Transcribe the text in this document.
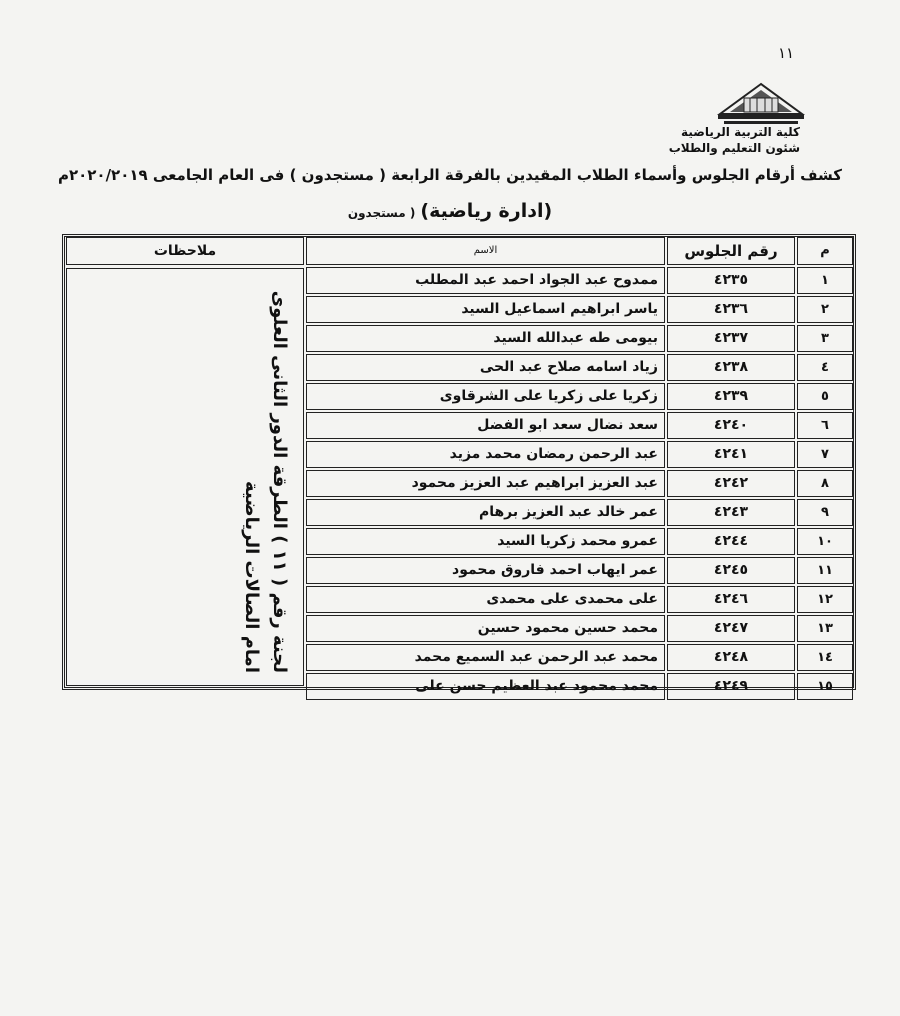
١١
كلية التربية الرياضية
شئون التعليم والطلاب
كشف أرقام الجلوس وأسماء الطلاب المقيدين بالفرقة الرابعة ( مستجدون ) فى العام الجامعى ٢٠٢٠/٢٠١٩م
(ادارة رياضية) ( مستجدون
م
رقم الجلوس
الاسم
ملاحظات
١
٤٢٣٥
ممدوح عبد الجواد احمد عبد المطلب
٢
٤٢٣٦
ياسر ابراهيم اسماعيل السيد
٣
٤٢٣٧
بيومى طه عبدالله السيد
٤
٤٢٣٨
زياد اسامه صلاح عبد الحى
٥
٤٢٣٩
زكريا على زكريا على الشرقاوى
٦
٤٢٤٠
سعد نضال سعد ابو الفضل
٧
٤٢٤١
عبد الرحمن رمضان محمد مزيد
٨
٤٢٤٢
عبد العزيز ابراهيم عبد العزيز محمود
٩
٤٢٤٣
عمر خالد عبد العزيز برهام
١٠
٤٢٤٤
عمرو محمد زكريا السيد
١١
٤٢٤٥
عمر ايهاب احمد فاروق محمود
١٢
٤٢٤٦
على محمدى على محمدى
١٣
٤٢٤٧
محمد حسين محمود حسين
١٤
٤٢٤٨
محمد عبد الرحمن عبد السميع محمد
١٥
٤٢٤٩
محمد محمود عبد العظيم حسن على
لجنة رقم ( ١١ ) الطرقة الدور الثانى العلوى امام الصالات الرياضية
